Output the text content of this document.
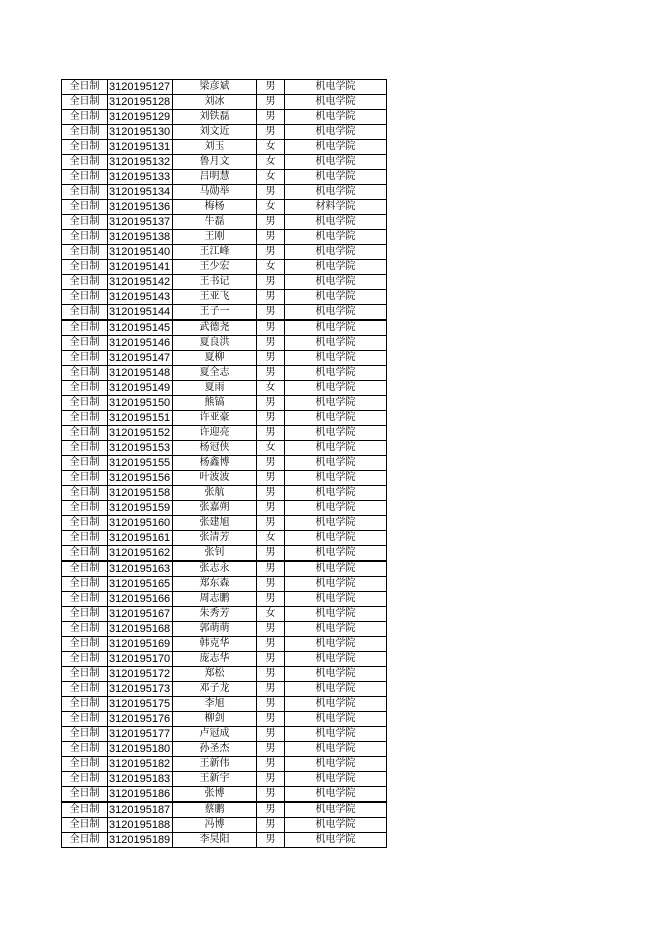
全日制	3120195127	梁彦斌	男	机电学院
全日制	3120195128	刘冰	男	机电学院
全日制	3120195129	刘铁磊	男	机电学院
全日制	3120195130	刘文近	男	机电学院
全日制	3120195131	刘玉	女	机电学院
全日制	3120195132	鲁月文	女	机电学院
全日制	3120195133	吕明慧	女	机电学院
全日制	3120195134	马勋举	男	机电学院
全日制	3120195136	梅杨	女	材料学院
全日制	3120195137	牛磊	男	机电学院
全日制	3120195138	王刚	男	机电学院
全日制	3120195140	王江峰	男	机电学院
全日制	3120195141	王少宏	女	机电学院
全日制	3120195142	王书记	男	机电学院
全日制	3120195143	王亚飞	男	机电学院
全日制	3120195144	王子一	男	机电学院
全日制	3120195145	武德尧	男	机电学院
全日制	3120195146	夏良洪	男	机电学院
全日制	3120195147	夏柳	男	机电学院
全日制	3120195148	夏全志	男	机电学院
全日制	3120195149	夏雨	女	机电学院
全日制	3120195150	熊镐	男	机电学院
全日制	3120195151	许亚豪	男	机电学院
全日制	3120195152	许迎亮	男	机电学院
全日制	3120195153	杨冠侠	女	机电学院
全日制	3120195155	杨鑫博	男	机电学院
全日制	3120195156	叶波波	男	机电学院
全日制	3120195158	张航	男	机电学院
全日制	3120195159	张嘉朔	男	机电学院
全日制	3120195160	张建旭	男	机电学院
全日制	3120195161	张清芳	女	机电学院
全日制	3120195162	张钊	男	机电学院
全日制	3120195163	张志永	男	机电学院
全日制	3120195165	郑东森	男	机电学院
全日制	3120195166	周志鹏	男	机电学院
全日制	3120195167	朱秀芳	女	机电学院
全日制	3120195168	郭萌萌	男	机电学院
全日制	3120195169	韩克华	男	机电学院
全日制	3120195170	庞志华	男	机电学院
全日制	3120195172	郑松	男	机电学院
全日制	3120195173	邓子龙	男	机电学院
全日制	3120195175	李旭	男	机电学院
全日制	3120195176	柳剑	男	机电学院
全日制	3120195177	卢冠成	男	机电学院
全日制	3120195180	孙圣杰	男	机电学院
全日制	3120195182	王新伟	男	机电学院
全日制	3120195183	王新宇	男	机电学院
全日制	3120195186	张博	男	机电学院
全日制	3120195187	蔡鹏	男	机电学院
全日制	3120195188	冯博	男	机电学院
全日制	3120195189	李昊阳	男	机电学院
